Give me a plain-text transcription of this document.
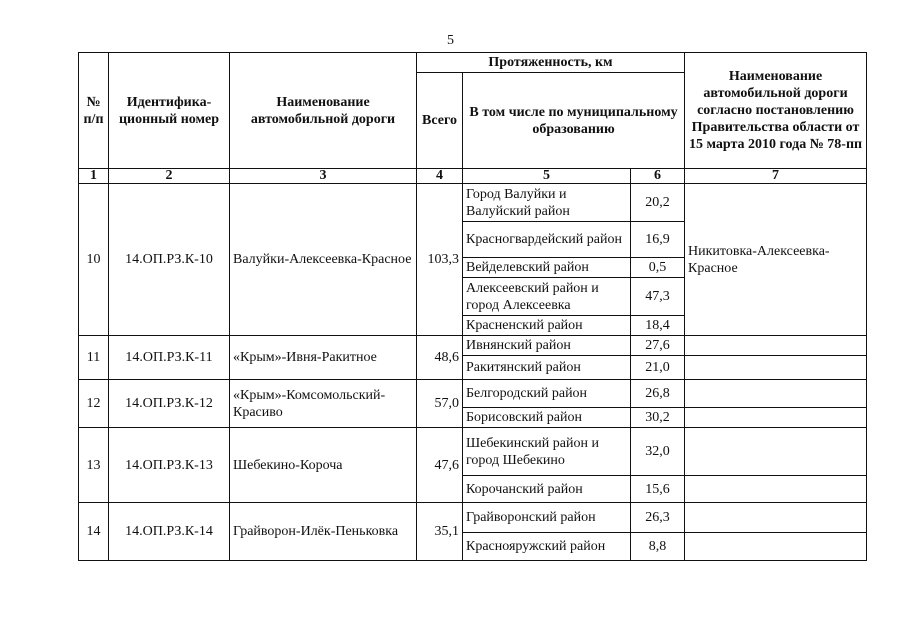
5
№ п/п	Идентифика-ционный номер	Наименование автомобильной дороги	Протяженность, км			Наименование автомобильной дороги согласно постановлению Правительства области от 15 марта 2010 года № 78-пп
			Всего	В том числе по муниципальному образованию		
1	2	3	4	5	6	7
10	14.ОП.РЗ.К-10	Валуйки-Алексеевка-Красное	103,3	Город Валуйки и Валуйский район	20,2	Никитовка-Алексеевка-Красное
				Красногвардейский район	16,9	
				Вейделевский район	0,5	
				Алексеевский район и город Алексеевка	47,3	
				Красненский район	18,4	
11	14.ОП.РЗ.К-11	«Крым»-Ивня-Ракитное	48,6	Ивнянский район	27,6	
				Ракитянский район	21,0	
12	14.ОП.РЗ.К-12	«Крым»-Комсомольский-Красиво	57,0	Белгородский район	26,8	
				Борисовский район	30,2	
13	14.ОП.РЗ.К-13	Шебекино-Короча	47,6	Шебекинский район и город Шебекино	32,0	
				Корочанский район	15,6	
14	14.ОП.РЗ.К-14	Грайворон-Илёк-Пеньковка	35,1	Грайворонский район	26,3	
				Краснояружский район	8,8	
